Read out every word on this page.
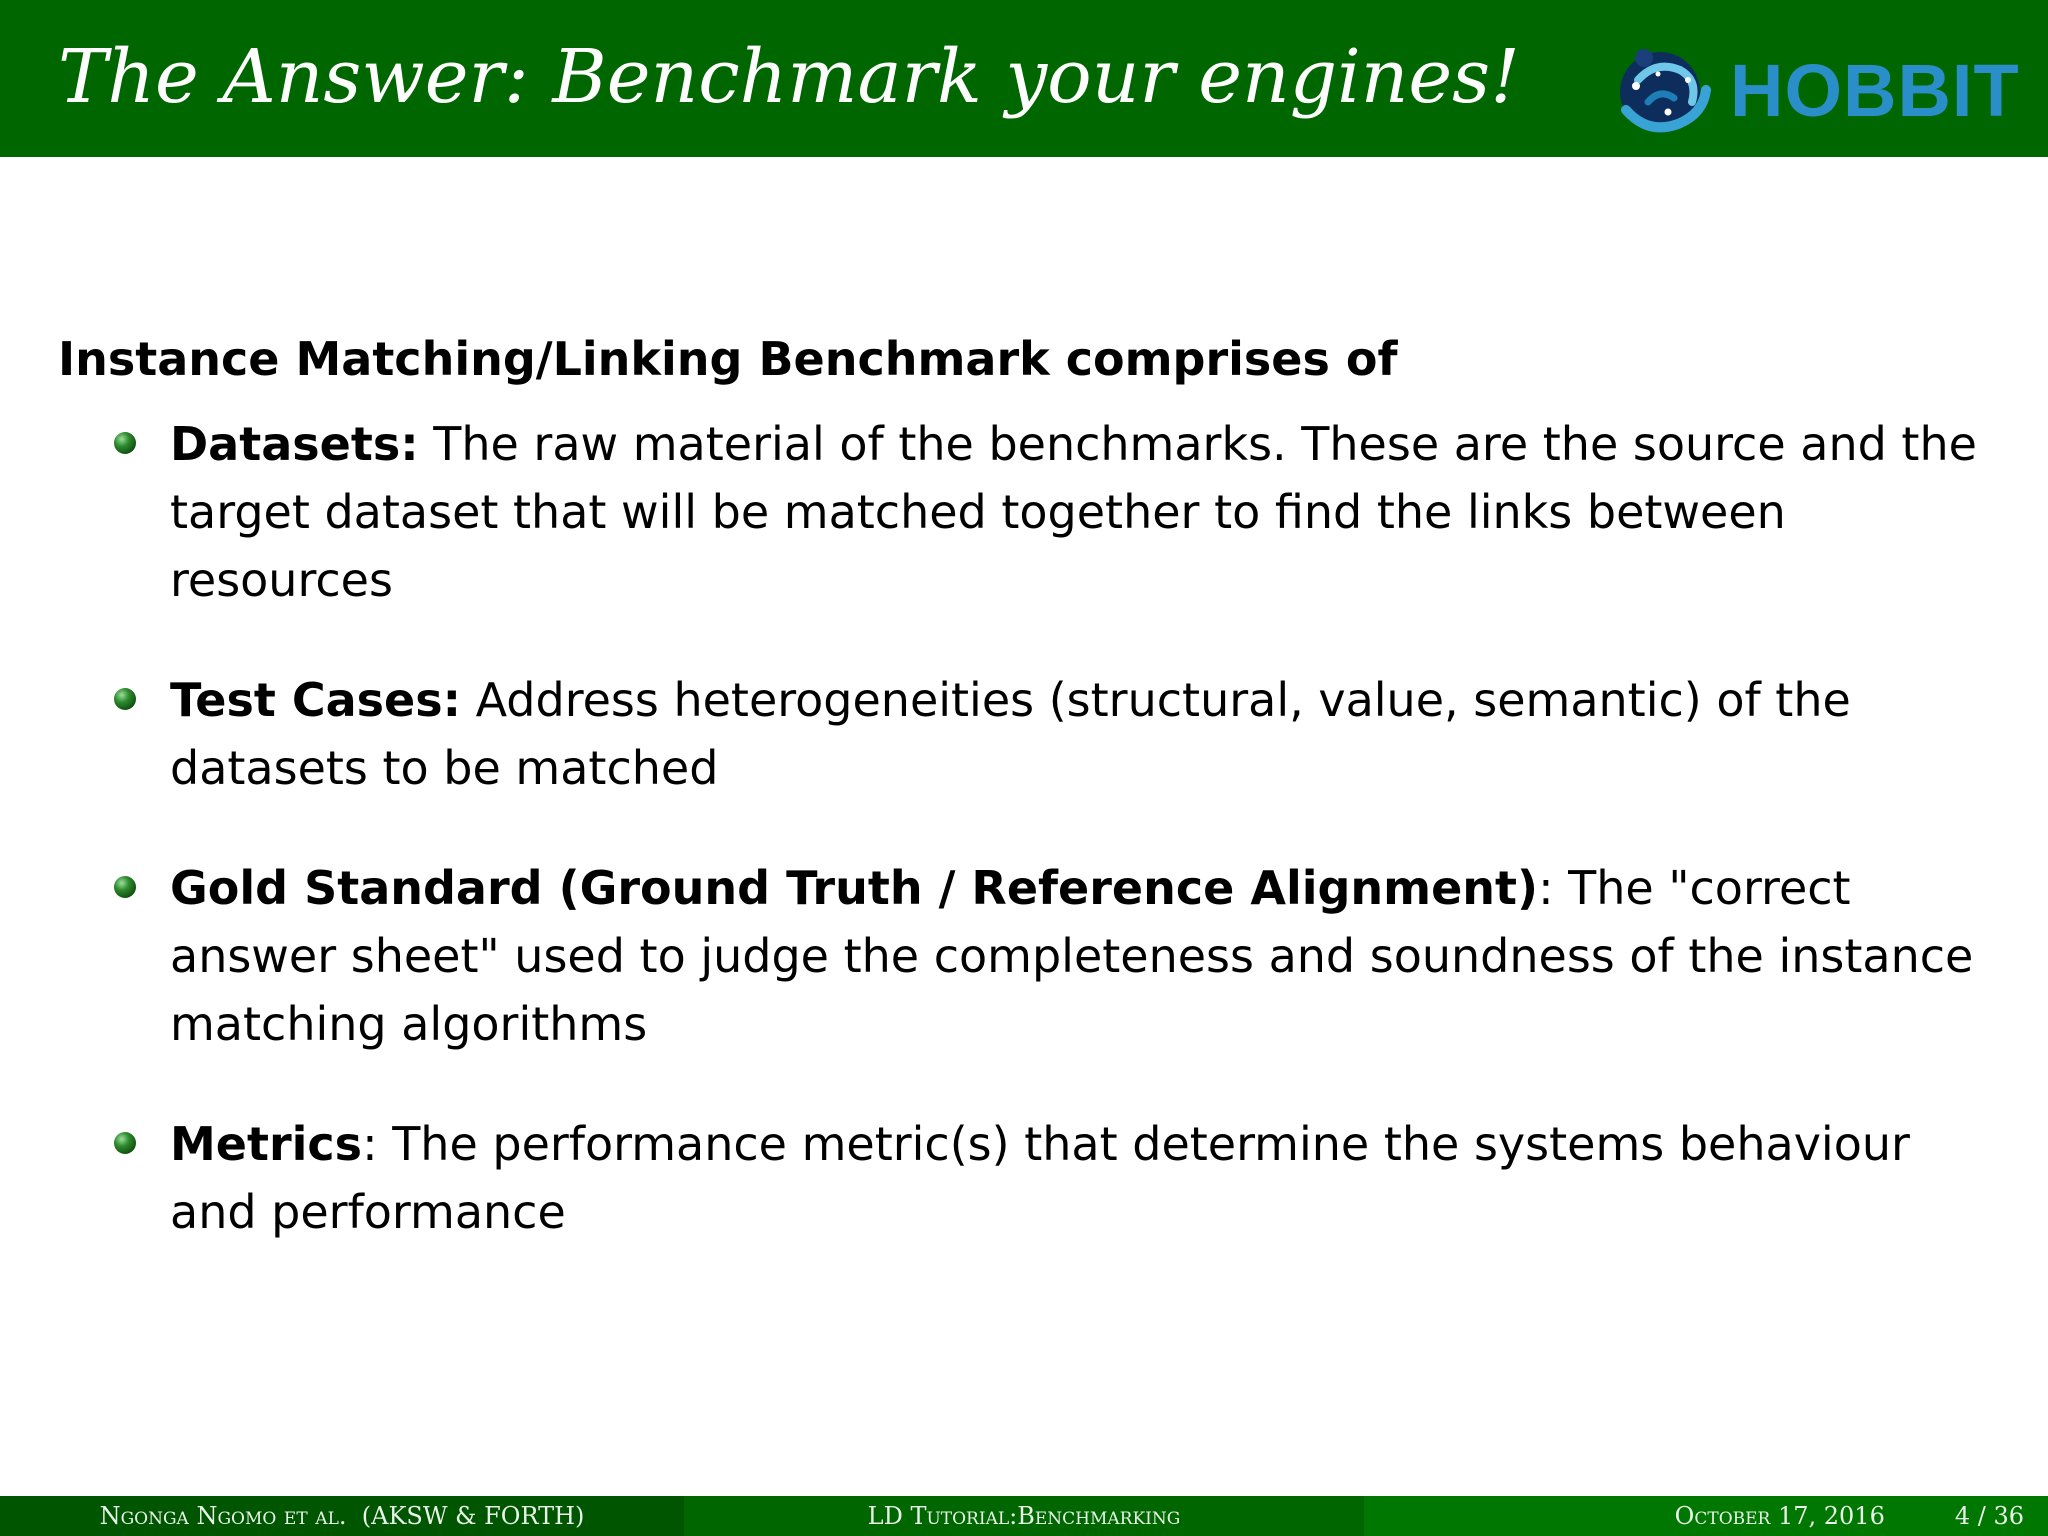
The Answer: Benchmark your engines!	HOBBIT
Instance Matching/Linking Benchmark comprises of
Datasets: The raw material of the benchmarks. These are the source and the target dataset that will be matched together to find the links between resources
Test Cases: Address heterogeneities (structural, value, semantic) of the datasets to be matched
Gold Standard (Ground Truth / Reference Alignment): The "correct answer sheet" used to judge the completeness and soundness of the instance matching algorithms
Metrics: The performance metric(s) that determine the systems behaviour and performance
Ngonga Ngomo et al.
(AKSW & FORTH)	LD Tutorial:Benchmarking	October 17, 2016	4 / 36
